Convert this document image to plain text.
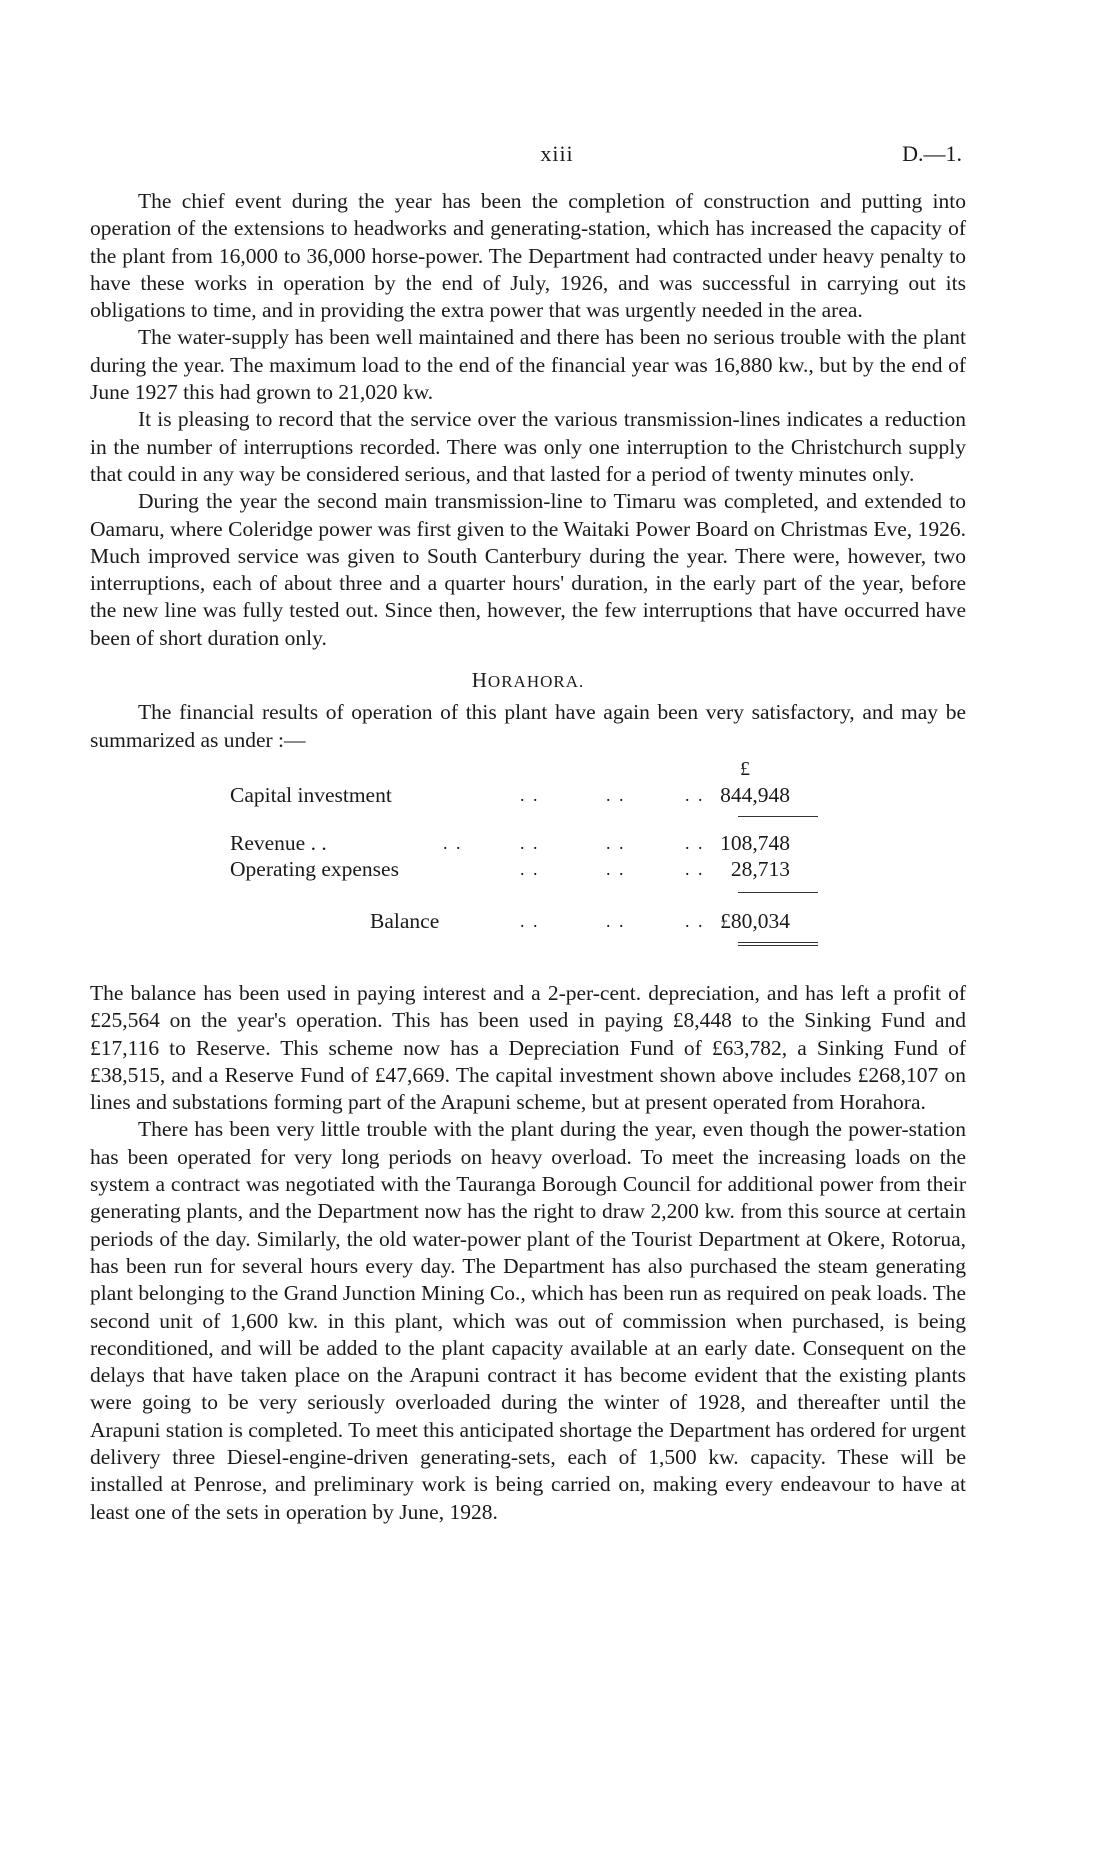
xiii	D.—1.

The chief event during the year has been the completion of construction and putting into operation of the extensions to headworks and generating-station, which has increased the capacity of the plant from 16,000 to 36,000 horse-power. The Department had contracted under heavy penalty to have these works in operation by the end of July, 1926, and was successful in carrying out its obligations to time, and in providing the extra power that was urgently needed in the area.

The water-supply has been well maintained and there has been no serious trouble with the plant during the year. The maximum load to the end of the financial year was 16,880 kw., but by the end of June 1927 this had grown to 21,020 kw.

It is pleasing to record that the service over the various transmission-lines indicates a reduction in the number of interruptions recorded. There was only one interruption to the Christchurch supply that could in any way be considered serious, and that lasted for a period of twenty minutes only.

During the year the second main transmission-line to Timaru was completed, and extended to Oamaru, where Coleridge power was first given to the Waitaki Power Board on Christmas Eve, 1926. Much improved service was given to South Canterbury during the year. There were, however, two interruptions, each of about three and a quarter hours' duration, in the early part of the year, before the new line was fully tested out. Since then, however, the few interruptions that have occurred have been of short duration only.

HORAHORA.

The financial results of operation of this plant have again been very satisfactory, and may be summarized as under :—

£
Capital investment	. .	. .	. . 844,948
Revenue . .	. .	. .	. .	. . 108,748
Operating expenses	. .	. .	. .	28,713
Balance	. .	. .	. . £80,034

The balance has been used in paying interest and a 2-per-cent. depreciation, and has left a profit of £25,564 on the year's operation. This has been used in paying £8,448 to the Sinking Fund and £17,116 to Reserve. This scheme now has a Depreciation Fund of £63,782, a Sinking Fund of £38,515, and a Reserve Fund of £47,669. The capital investment shown above includes £268,107 on lines and substations forming part of the Arapuni scheme, but at present operated from Horahora.

There has been very little trouble with the plant during the year, even though the power-station has been operated for very long periods on heavy overload. To meet the increasing loads on the system a contract was negotiated with the Tauranga Borough Council for additional power from their generating plants, and the Department now has the right to draw 2,200 kw. from this source at certain periods of the day. Similarly, the old water-power plant of the Tourist Department at Okere, Rotorua, has been run for several hours every day. The Department has also purchased the steam generating plant belonging to the Grand Junction Mining Co., which has been run as required on peak loads. The second unit of 1,600 kw. in this plant, which was out of commission when purchased, is being reconditioned, and will be added to the plant capacity available at an early date. Consequent on the delays that have taken place on the Arapuni contract it has become evident that the existing plants were going to be very seriously overloaded during the winter of 1928, and thereafter until the Arapuni station is completed. To meet this anticipated shortage the Department has ordered for urgent delivery three Diesel-engine-driven generating-sets, each of 1,500 kw. capacity. These will be installed at Penrose, and preliminary work is being carried on, making every endeavour to have at least one of the sets in operation by June, 1928.
